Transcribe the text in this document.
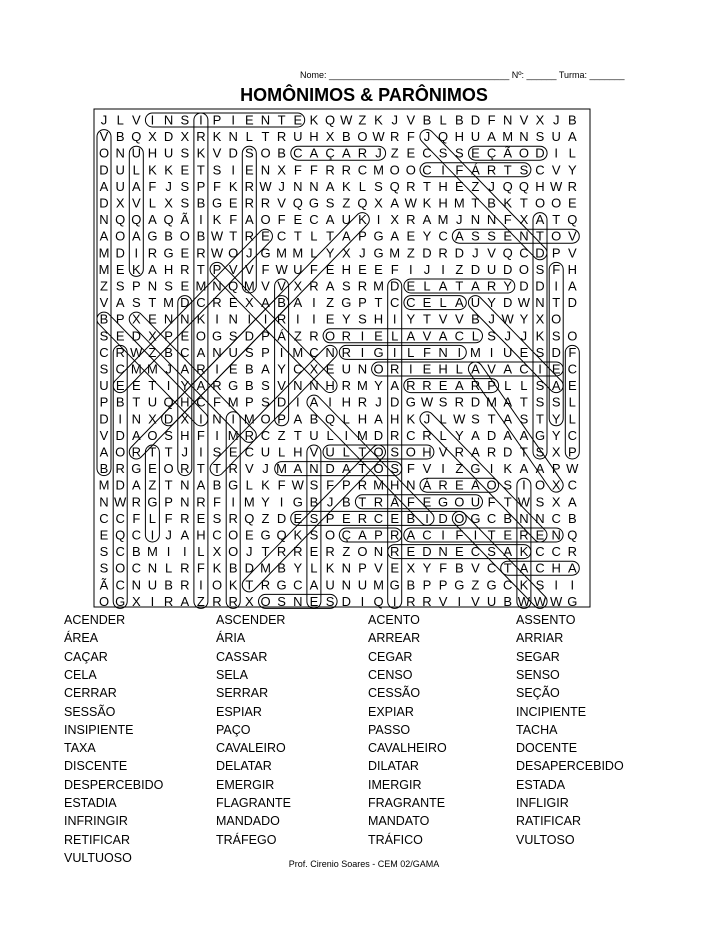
Nome: ____________________________________ Nº: ______ Turma: _______
HOMÔNIMOS & PARÔNIMOS
J L V I N S I P I E N T E K Q W Z K J V B L B D F N V X J B
V B Q X D X R K N L T R U H X B O W R F J Q H U A M N S U A
O N U H U S K V D S O B C A Ç A R J Z E C S S E Ç Ã O D I L
D U L K K E T S I E N X F F R R C M O O C I F Á R T S C V Y
A U A F J S P F K R W J N N A K L S Q R T H E Z J Q Q H W R
D X V L X S B G E R R V Q G S Z Q X A W K H M T B K T O O E
N Q Q A Q Ã I K F A O F E C A U K I X R A M J N N F X A T Q
A O A G B O B W T R E C T L T A P G A E Y C A S S E N T O V
M D I R G E R W O J G M M L Y X J G M Z D R D J V Q C D P V
M E K A H R T P V V F W U F E H E E F I J I Z D U D O S F H
Z S P N S E M N Q M V V X R A S R M D E L A T A R Y D D I A
V A S T M D C R E X A B A I Z G P T C C E L A U Y D W N T D
B P X E N N K I N I I R I I E Y S H I Y T V V B J W Y X O
S E D X P E O G S D P Á Z R O R I E L A V A C L S J J K S O
C R W Z B C A N U S P I M C N R I G I L F N I M I U E S D F
S C M M J A R I E B A Y C X E U N O R I E H L A V A C I E C
U E E T I Y A R G B S V N N H R M Y A R R E A R P L L S A E
P B T U Q H C F M P S D I A I H R J D G W S R D M A T S S L
D I N X D X I N I M O P A B Q L H A H K J L W S T A S T Y L
V D A O S H F I M R C Z T U L I M D R C R L Y A D A A G Y C
A O R T T J I S E C U L H V U L T O S O H V R A R D T S X P
B R G E O R T T R V J M A N D A T O S F V I Z G I K A A P W
M D A Z T N A B G L K F W S F P R M H N Á R E A O S I O X C
N W R G P N R F I M Y I G B J B T R Á F E G O U F T W S X A
C C F L F R E S R Q Z D E S P E R C E B I D O G C B N N C B
E Q C I J A H C O E G Q K S O Ç A P R A C I F I T E R E N Q
S C B M I I L X O J T R R E R Z O N R E D N E C S A K C C R
S O C N L R F K B D M B Y L K N P V E X Y F B V C T A C H A
Ã C N U B R I O K T R G C A U N U M G B P P G Z G C K S I I
O G X I R A Z R R X O S N E S D I Q I R R V I V U B W W W G
ACENDER	ASCENDER	ACENTO	ASSENTO
ÁREA	ÁRIA	ARREAR	ARRIAR
CAÇAR	CASSAR	CEGAR	SEGAR
CELA	SELA	CENSO	SENSO
CERRAR	SERRAR	CESSÃO	SEÇÃO
SESSÃO	ESPIAR	EXPIAR	INCIPIENTE
INSIPIENTE	PAÇO	PASSO	TACHA
TAXA	CAVALEIRO	CAVALHEIRO	DOCENTE
DISCENTE	DELATAR	DILATAR	DESAPERCEBIDO
DESPERCEBIDO	EMERGIR	IMERGIR	ESTADA
ESTADIA	FLAGRANTE	FRAGRANTE	INFLIGIR
INFRINGIR	MANDADO	MANDATO	RATIFICAR
RETIFICAR	TRÁFEGO	TRÁFICO	VULTOSO
VULTUOSO	Prof. Cirenio Soares - CEM 02/GAMA
